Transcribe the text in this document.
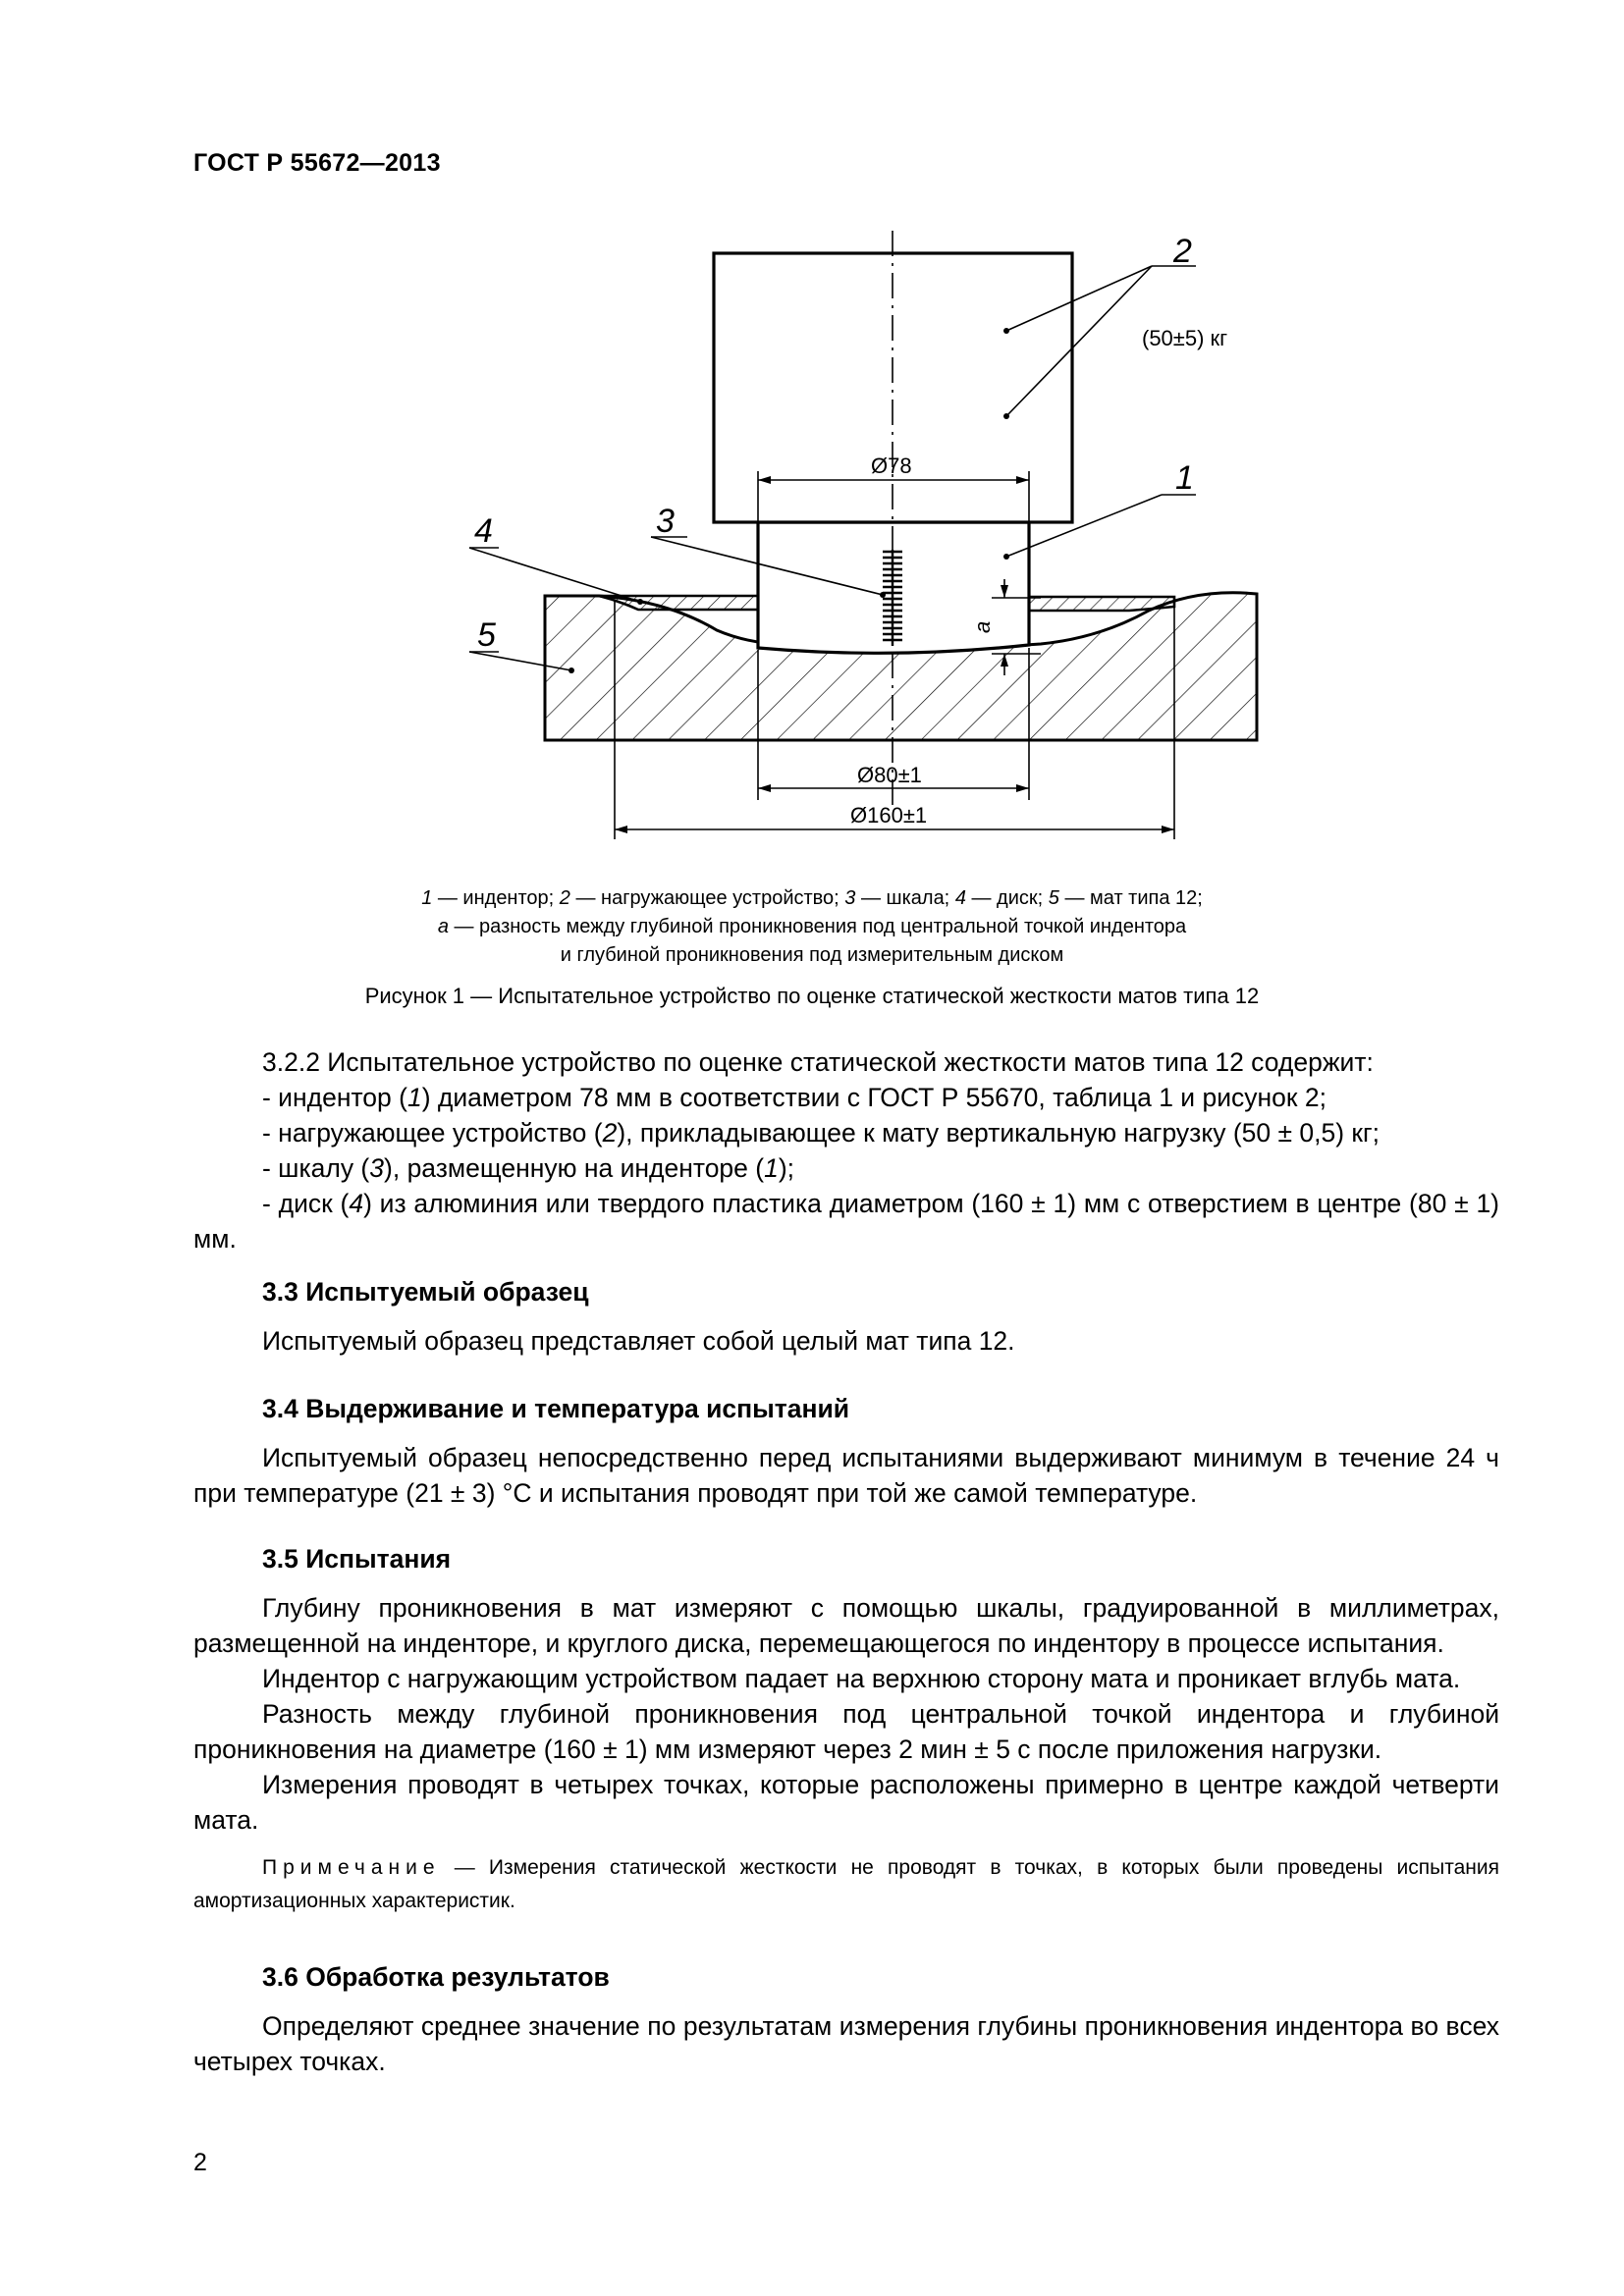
ГОСТ Р 55672—2013
Ø78
Ø80±1
Ø160±1
a
2
(50±5) кг
1
3
4
5
1 — индентор; 2 — нагружающее устройство; 3 — шкала; 4 — диск; 5 — мат типа 12;
a — разность между глубиной проникновения под центральной точкой индентора
и глубиной проникновения под измерительным диском
Рисунок 1 — Испытательное устройство по оценке статической жесткости матов типа 12

3.2.2 Испытательное устройство по оценке статической жесткости матов типа 12 содержит:

- индентор (1) диаметром 78 мм в соответствии с ГОСТ Р 55670, таблица 1 и рисунок 2;

- нагружающее устройство (2), прикладывающее к мату вертикальную нагрузку (50 ± 0,5) кг;

- шкалу (3), размещенную на инденторе (1);

- диск (4) из алюминия или твердого пластика диаметром (160 ± 1) мм с отверстием в центре (80 ± 1) мм.

3.3 Испытуемый образец

Испытуемый образец представляет собой целый мат типа 12.

3.4 Выдерживание и температура испытаний

Испытуемый образец непосредственно перед испытаниями выдерживают минимум в течение 24 ч при температуре (21 ± 3) °С и испытания проводят при той же самой температуре.

3.5 Испытания

Глубину проникновения в мат измеряют с помощью шкалы, градуированной в миллиметрах, размещенной на инденторе, и круглого диска, перемещающегося по индентору в процессе испытания.

Индентор с нагружающим устройством падает на верхнюю сторону мата и проникает вглубь мата.

Разность между глубиной проникновения под центральной точкой индентора и глубиной проникновения на диаметре (160 ± 1) мм измеряют через 2 мин ± 5 с после приложения нагрузки.

Измерения проводят в четырех точках, которые расположены примерно в центре каждой четверти мата.

Примечание — Измерения статической жесткости не проводят в точках, в которых были проведены испытания амортизационных характеристик.

3.6 Обработка результатов

Определяют среднее значение по результатам измерения глубины проникновения индентора во всех четырех точках.

2
